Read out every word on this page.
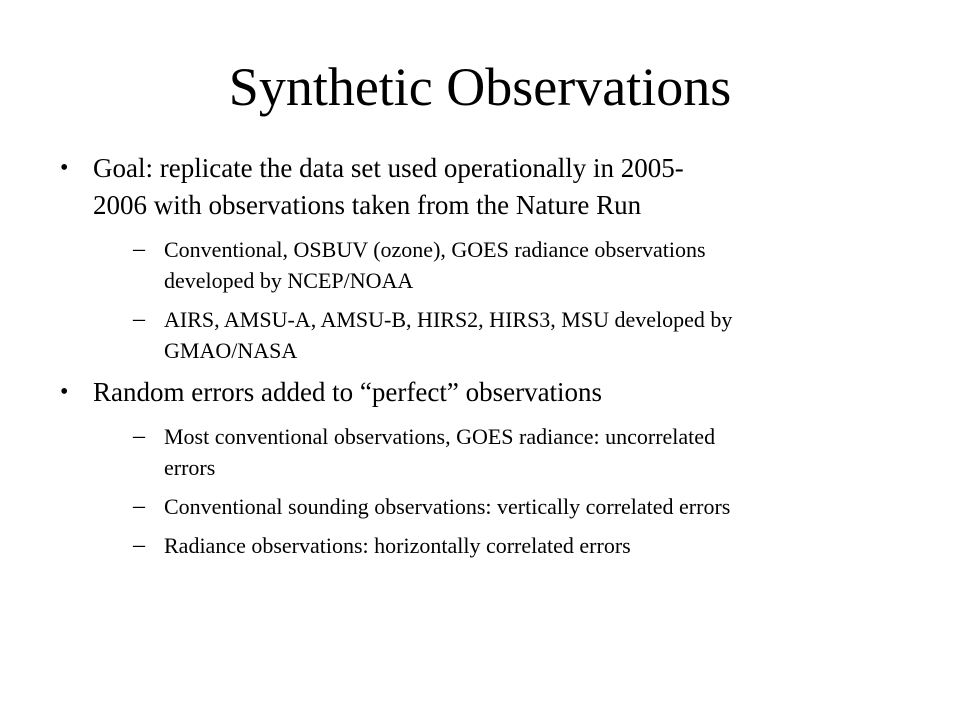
Synthetic Observations
• Goal: replicate the data set used operationally in 2005-
2006 with observations taken from the Nature Run
– Conventional, OSBUV (ozone), GOES radiance observations
developed by NCEP/NOAA
– AIRS, AMSU-A, AMSU-B, HIRS2, HIRS3, MSU developed by
GMAO/NASA
• Random errors added to “perfect” observations
– Most conventional observations, GOES radiance: uncorrelated
errors
– Conventional sounding observations: vertically correlated errors
– Radiance observations: horizontally correlated errors
